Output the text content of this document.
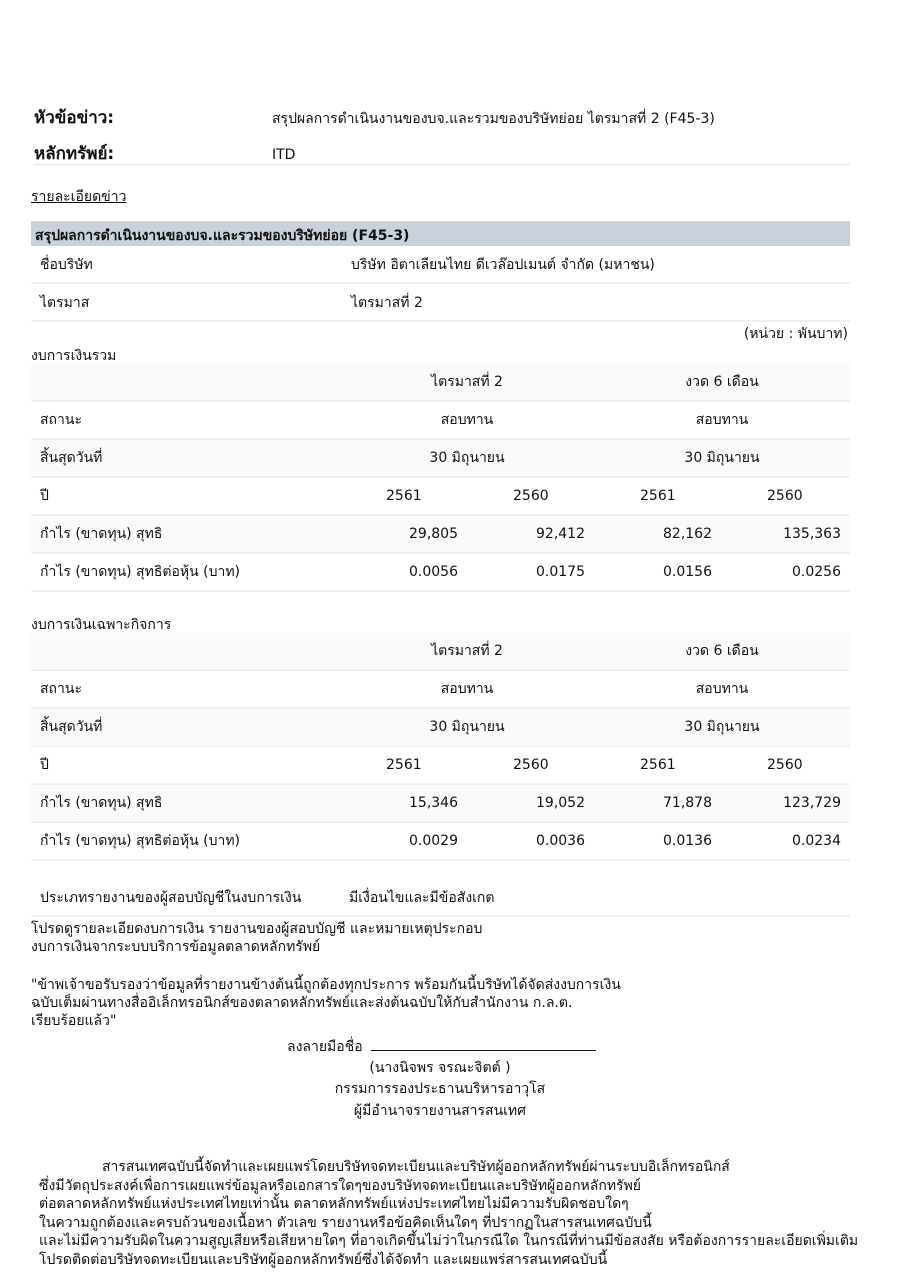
หัวข้อข่าว:	สรุปผลการดำเนินงานของบจ.และรวมของบริษัทย่อย ไตรมาสที่ 2 (F45-3)
หลักทรัพย์:	ITD
รายละเอียดข่าว
สรุปผลการดำเนินงานของบจ.และรวมของบริษัทย่อย (F45-3)
ชื่อบริษัท	บริษัท อิตาเลียนไทย ดีเวล๊อปเมนต์ จำกัด (มหาชน)
ไตรมาส	ไตรมาสที่ 2
(หน่วย : พันบาท)
งบการเงินรวม
	ไตรมาสที่ 2		งวด 6 เดือน	
สถานะ	สอบทาน		สอบทาน	
สิ้นสุดวันที่	30 มิถุนายน		30 มิถุนายน	
ปี	2561	2560	2561	2560
กำไร (ขาดทุน) สุทธิ	29,805	92,412	82,162	135,363
กำไร (ขาดทุน) สุทธิต่อหุ้น (บาท)	0.0056	0.0175	0.0156	0.0256
งบการเงินเฉพาะกิจการ
	ไตรมาสที่ 2		งวด 6 เดือน	
สถานะ	สอบทาน		สอบทาน	
สิ้นสุดวันที่	30 มิถุนายน		30 มิถุนายน	
ปี	2561	2560	2561	2560
กำไร (ขาดทุน) สุทธิ	15,346	19,052	71,878	123,729
กำไร (ขาดทุน) สุทธิต่อหุ้น (บาท)	0.0029	0.0036	0.0136	0.0234
ประเภทรายงานของผู้สอบบัญชีในงบการเงิน	มีเงื่อนไขและมีข้อสังเกต
โปรดดูรายละเอียดงบการเงิน รายงานของผู้สอบบัญชี และหมายเหตุประกอบ
งบการเงินจากระบบบริการข้อมูลตลาดหลักทรัพย์
"ข้าพเจ้าขอรับรองว่าข้อมูลที่รายงานข้างต้นนี้ถูกต้องทุกประการ พร้อมกันนี้บริษัทได้จัดส่งงบการเงิน
ฉบับเต็มผ่านทางสื่ออิเล็กทรอนิกส์ของตลาดหลักทรัพย์และส่งต้นฉบับให้กับสำนักงาน ก.ล.ต.
เรียบร้อยแล้ว"
ลงลายมือชื่อ
(นางนิจพร จรณะจิตต์ )
กรรมการรองประธานบริหารอาวุโส
ผู้มีอำนาจรายงานสารสนเทศ
สารสนเทศฉบับนี้จัดทำและเผยแพร่โดยบริษัทจดทะเบียนและบริษัทผู้ออกหลักทรัพย์ผ่านระบบอิเล็กทรอนิกส์
ซึ่งมีวัตถุประสงค์เพื่อการเผยแพร่ข้อมูลหรือเอกสารใดๆของบริษัทจดทะเบียนและบริษัทผู้ออกหลักทรัพย์
ต่อตลาดหลักทรัพย์แห่งประเทศไทยเท่านั้น ตลาดหลักทรัพย์แห่งประเทศไทยไม่มีความรับผิดชอบใดๆ
ในความถูกต้องและครบถ้วนของเนื้อหา ตัวเลข รายงานหรือข้อคิดเห็นใดๆ ที่ปรากฏในสารสนเทศฉบับนี้
และไม่มีความรับผิดในความสูญเสียหรือเสียหายใดๆ ที่อาจเกิดขึ้นไม่ว่าในกรณีใด ในกรณีที่ท่านมีข้อสงสัย หรือต้องการรายละเอียดเพิ่มเติม
โปรดติดต่อบริษัทจดทะเบียนและบริษัทผู้ออกหลักทรัพย์ซึ่งได้จัดทำ และเผยแพร่สารสนเทศฉบับนี้
